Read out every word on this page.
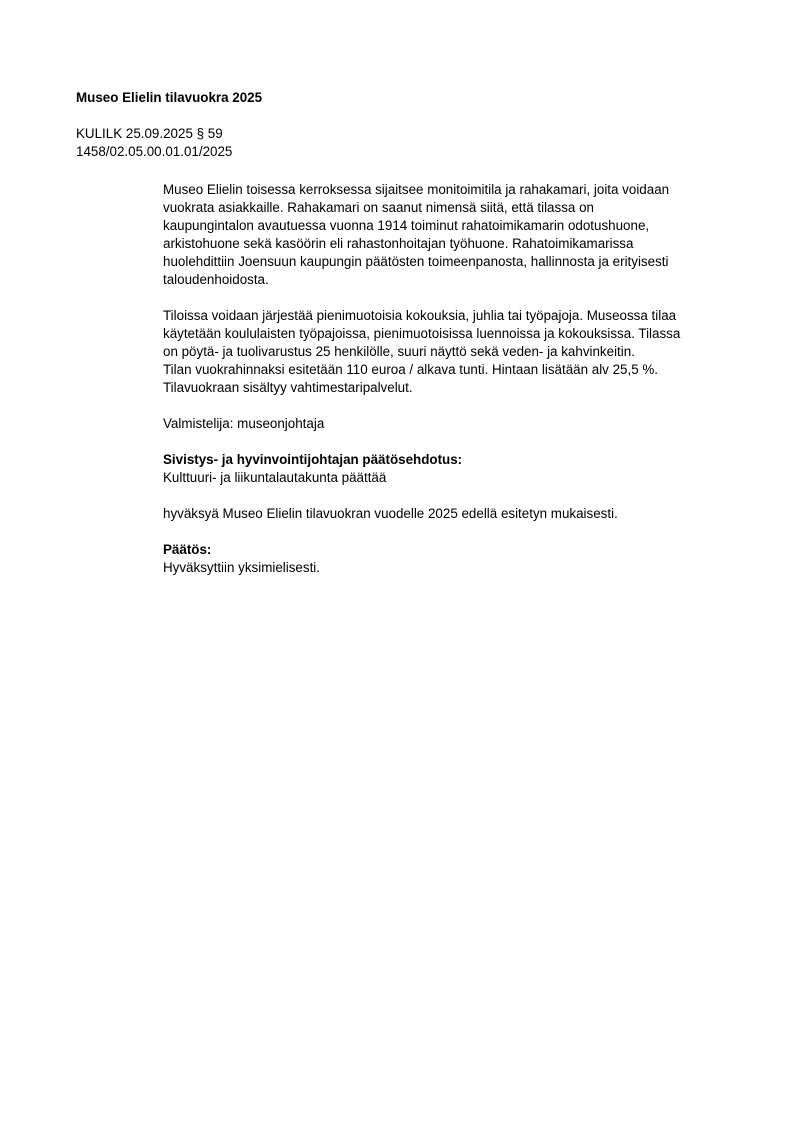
Museo Elielin tilavuokra 2025
KULILK 25.09.2025 § 59
1458/02.05.00.01.01/2025
Museo Elielin toisessa kerroksessa sijaitsee monitoimitila ja rahakamari, joita voidaan
vuokrata asiakkaille. Rahakamari on saanut nimensä siitä, että tilassa on
kaupungintalon avautuessa vuonna 1914 toiminut rahatoimikamarin odotushuone,
arkistohuone sekä kasöörin eli rahastonhoitajan työhuone. Rahatoimikamarissa
huolehdittiin Joensuun kaupungin päätösten toimeenpanosta, hallinnosta ja erityisesti
taloudenhoidosta.
Tiloissa voidaan järjestää pienimuotoisia kokouksia, juhlia tai työpajoja. Museossa tilaa
käytetään koululaisten työpajoissa, pienimuotoisissa luennoissa ja kokouksissa. Tilassa
on pöytä- ja tuolivarustus 25 henkilölle, suuri näyttö sekä veden- ja kahvinkeitin.
Tilan vuokrahinnaksi esitetään 110 euroa / alkava tunti. Hintaan lisätään alv 25,5 %.
Tilavuokraan sisältyy vahtimestaripalvelut.
Valmistelija: museonjohtaja
Sivistys- ja hyvinvointijohtajan päätösehdotus:
Kulttuuri- ja liikuntalautakunta päättää
hyväksyä Museo Elielin tilavuokran vuodelle 2025 edellä esitetyn mukaisesti.
Päätös:
Hyväksyttiin yksimielisesti.
